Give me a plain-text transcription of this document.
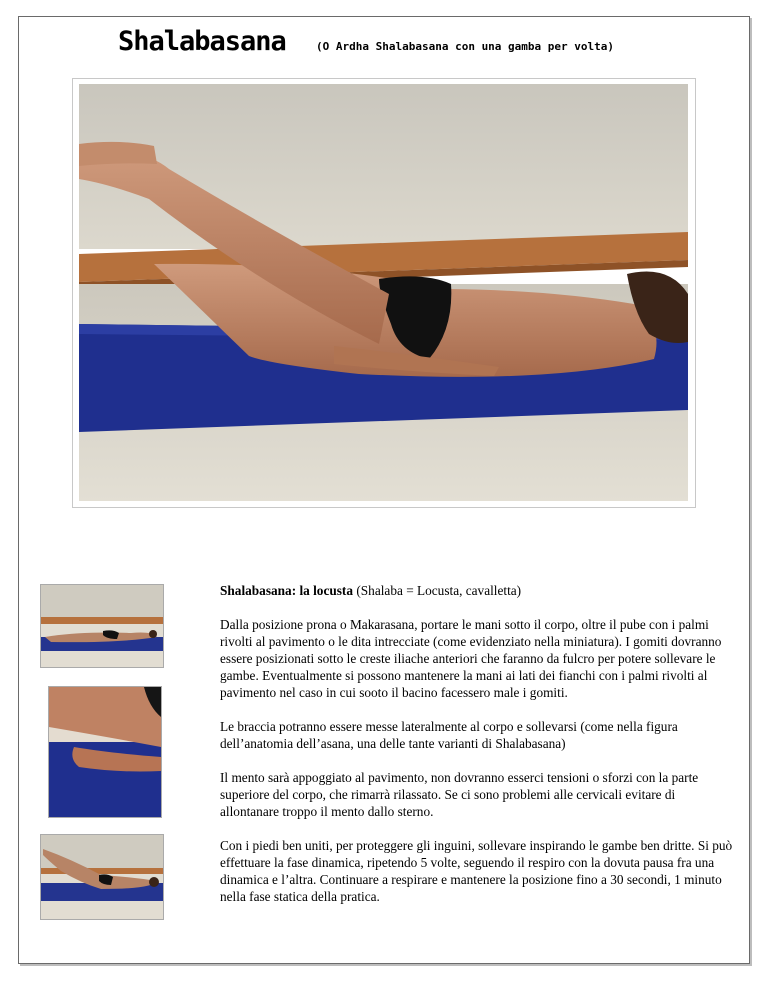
Shalabasana	(O Ardha Shalabasana con una gamba per volta)

Shalabasana: la locusta (Shalaba = Locusta, cavalletta)

Dalla posizione prona o Makarasana, portare le mani sotto il corpo, oltre il pube con i palmi rivolti al pavimento o le dita intrecciate (come evidenziato nella miniatura). I gomiti dovranno essere posizionati sotto le creste iliache anteriori che faranno da fulcro per potere sollevare le gambe. Eventualmente si possono mantenere la mani ai lati dei fianchi con i palmi rivolti al pavimento nel caso in cui sooto il bacino facessero male i gomiti.

Le braccia potranno essere messe lateralmente al corpo e sollevarsi (come nella figura dell’anatomia dell’asana, una delle tante varianti di Shalabasana)

Il mento sarà appoggiato al pavimento, non dovranno esserci tensioni o sforzi con la parte superiore del corpo, che rimarrà rilassato. Se ci sono problemi alle cervicali evitare di allontanare troppo il mento dallo sterno.

Con i piedi ben uniti, per proteggere gli inguini, sollevare inspirando le gambe ben dritte. Si può effettuare la fase dinamica, ripetendo 5 volte, seguendo il respiro con la dovuta pausa fra una dinamica e l’altra. Continuare a respirare e mantenere la posizione fino a 30 secondi, 1 minuto nella fase statica della pratica.
